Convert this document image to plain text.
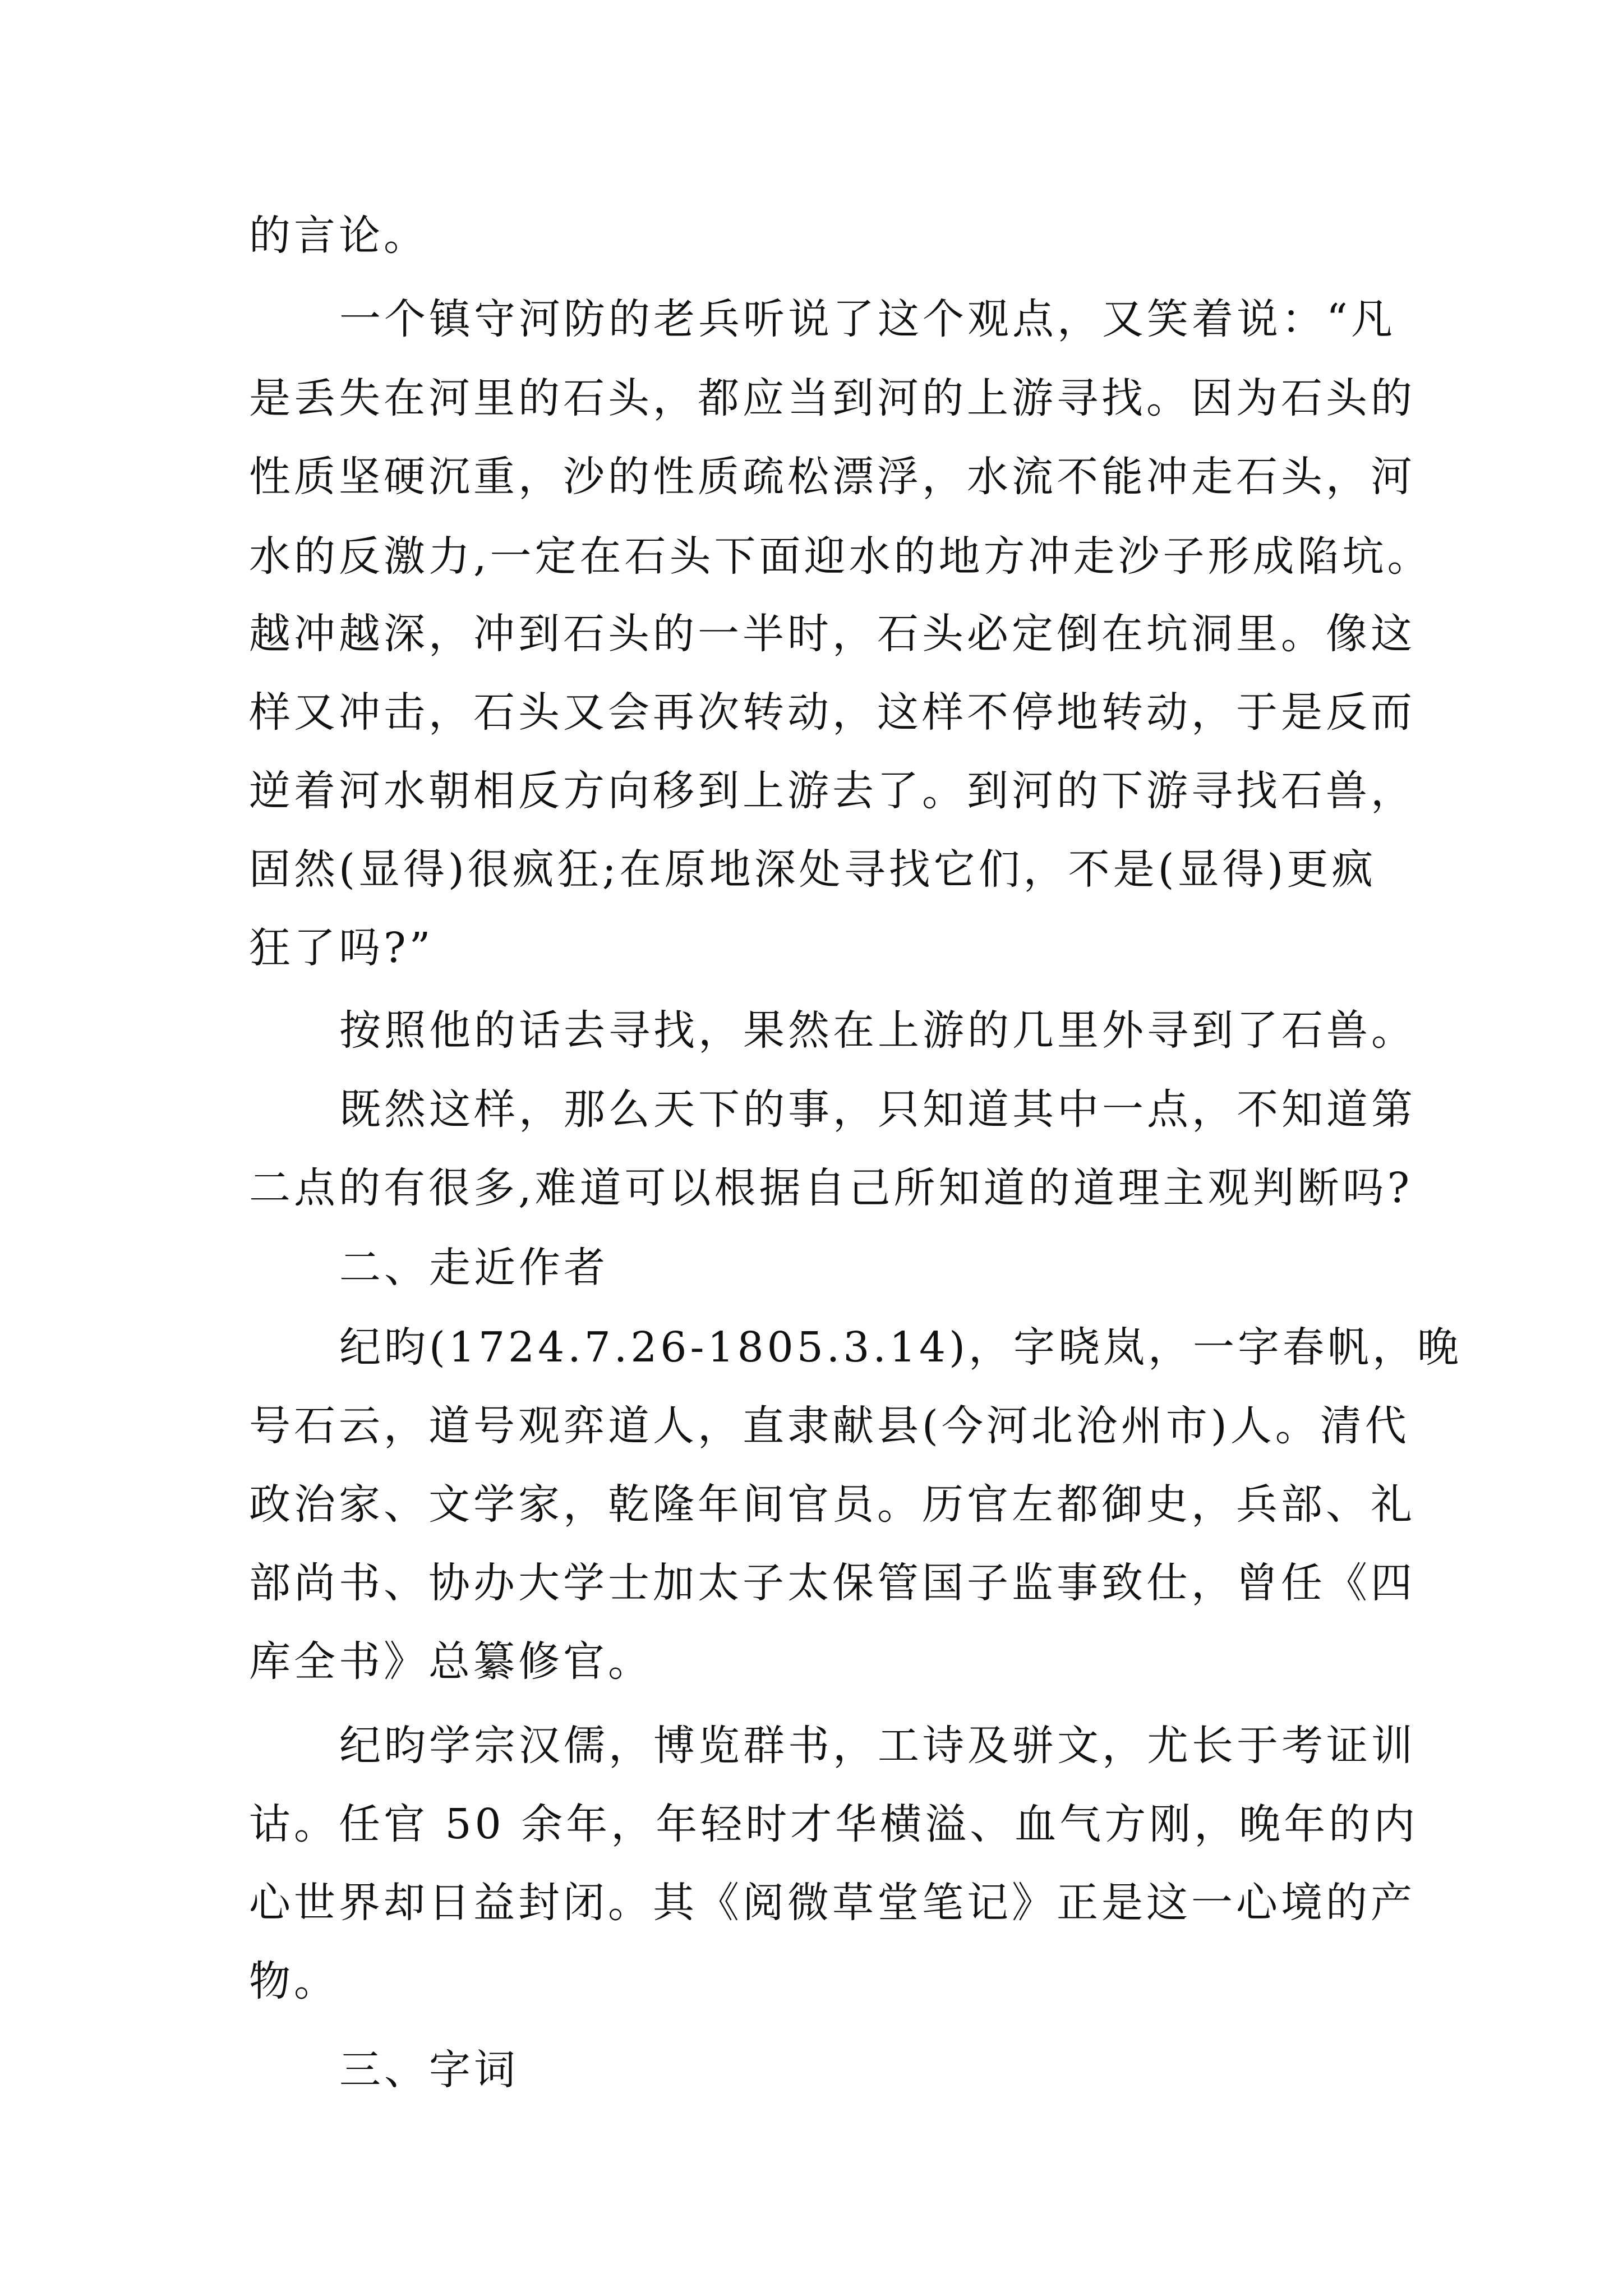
的言论。
一个镇守河防的老兵听说了这个观点，又笑着说：“凡
是丢失在河里的石头，都应当到河的上游寻找。因为石头的
性质坚硬沉重，沙的性质疏松漂浮，水流不能冲走石头，河
水的反激力,一定在石头下面迎水的地方冲走沙子形成陷坑。
越冲越深，冲到石头的一半时，石头必定倒在坑洞里。像这
样又冲击，石头又会再次转动，这样不停地转动，于是反而
逆着河水朝相反方向移到上游去了。到河的下游寻找石兽，
固然(显得)很疯狂;在原地深处寻找它们，不是(显得)更疯
狂了吗?”
按照他的话去寻找，果然在上游的几里外寻到了石兽。
既然这样，那么天下的事，只知道其中一点，不知道第
二点的有很多,难道可以根据自己所知道的道理主观判断吗?
二、走近作者
纪昀(1724.7.26-1805.3.14)，字晓岚，一字春帆，晚
号石云，道号观弈道人，直隶献县(今河北沧州市)人。清代
政治家、文学家，乾隆年间官员。历官左都御史，兵部、礼
部尚书、协办大学士加太子太保管国子监事致仕，曾任《四
库全书》总纂修官。
纪昀学宗汉儒，博览群书，工诗及骈文，尤长于考证训
诂。任官 50 余年，年轻时才华横溢、血气方刚，晚年的内
心世界却日益封闭。其《阅微草堂笔记》正是这一心境的产
物。
三、字词
